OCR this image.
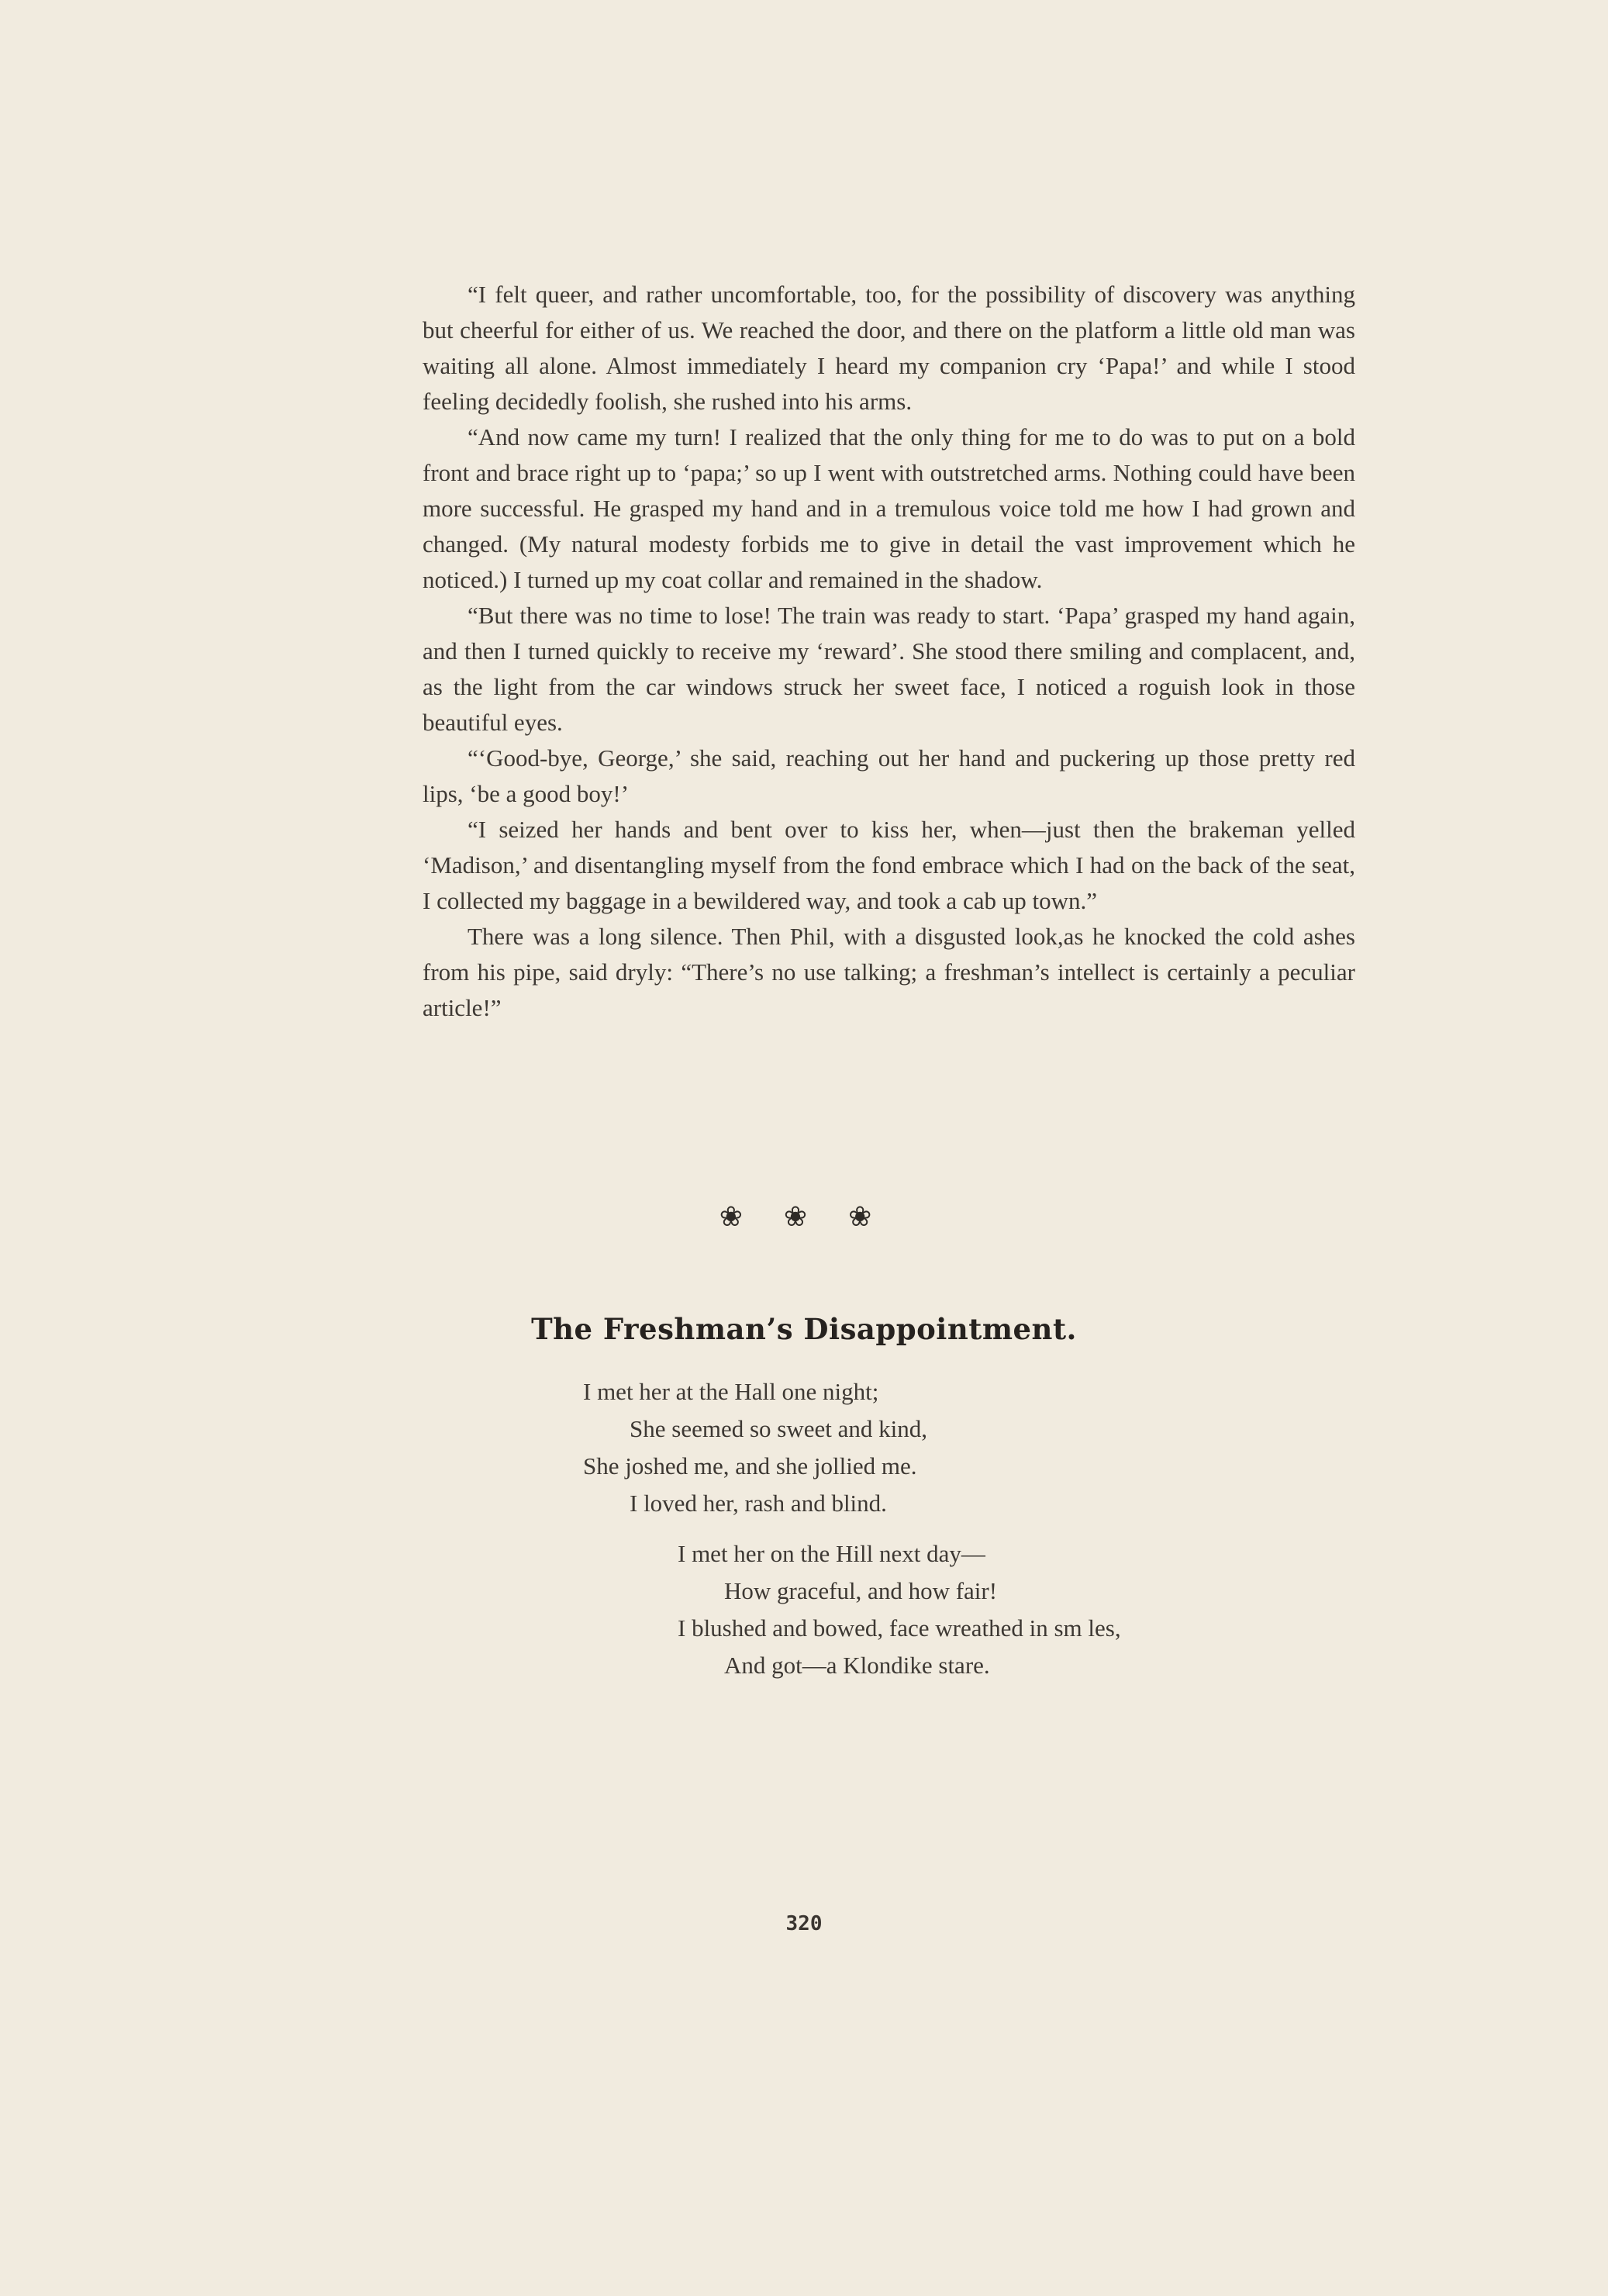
“I felt queer, and rather uncomfortable, too, for the possibility of discovery was anything but cheerful for either of us. We reached the door, and there on the platform a little old man was waiting all alone. Almost immediately I heard my companion cry ‘Papa!’ and while I stood feeling decidedly foolish, she rushed into his arms.

“And now came my turn! I realized that the only thing for me to do was to put on a bold front and brace right up to ‘papa;’ so up I went with outstretched arms. Nothing could have been more successful. He grasped my hand and in a tremulous voice told me how I had grown and changed. (My natural modesty forbids me to give in detail the vast improvement which he noticed.) I turned up my coat collar and remained in the shadow.

“But there was no time to lose! The train was ready to start. ‘Papa’ grasped my hand again, and then I turned quickly to receive my ‘reward’. She stood there smiling and complacent, and, as the light from the car windows struck her sweet face, I noticed a roguish look in those beautiful eyes.

“‘Good-bye, George,’ she said, reaching out her hand and puckering up those pretty red lips, ‘be a good boy!’

“I seized her hands and bent over to kiss her, when—just then the brakeman yelled ‘Madison,’ and disentangling myself from the fond embrace which I had on the back of the seat, I collected my baggage in a bewildered way, and took a cab up town.”

There was a long silence. Then Phil, with a disgusted look,as he knocked the cold ashes from his pipe, said dryly: “There’s no use talking; a freshman’s intellect is certainly a peculiar article!”

❀ ❀ ❀
The Freshman’s Disappointment.
I met her at the Hall one night;
She seemed so sweet and kind,
She joshed me, and she jollied me.
I loved her, rash and blind.
I met her on the Hill next day—
How graceful, and how fair!
I blushed and bowed, face wreathed in sm les,
And got—a Klondike stare.
320
